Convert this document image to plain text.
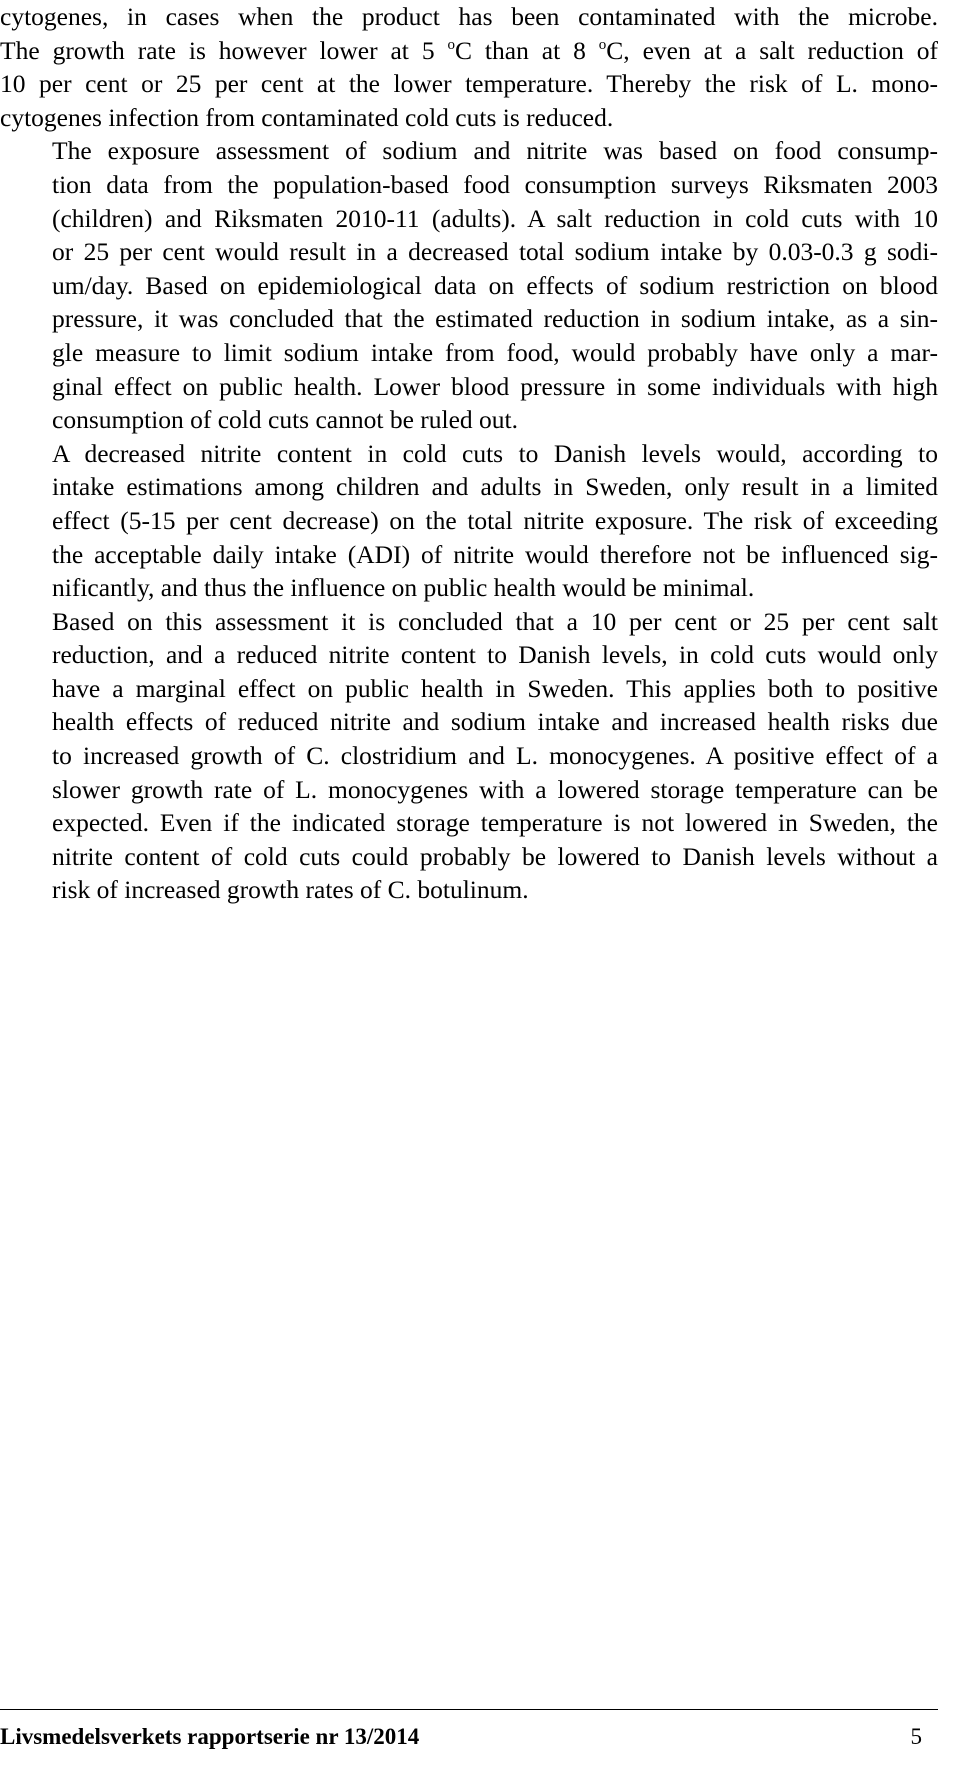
cytogenes, in cases when the product has been contaminated with the microbe.
The growth rate is however lower at 5 $^o$C than at 8 $^o$C, even at a salt reduction of
10 per cent or 25 per cent at the lower temperature. Thereby the risk of L. mono-
cytogenes infection from contaminated cold cuts is reduced.

The exposure assessment of sodium and nitrite was based on food consump-
tion data from the population-based food consumption surveys Riksmaten 2003
(children) and Riksmaten 2010-11 (adults). A salt reduction in cold cuts with 10
or 25 per cent would result in a decreased total sodium intake by 0.03-0.3 g sodi-
um/day. Based on epidemiological data on effects of sodium restriction on blood
pressure, it was concluded that the estimated reduction in sodium intake, as a sin-
gle measure to limit sodium intake from food, would probably have only a mar-
ginal effect on public health. Lower blood pressure in some individuals with high
consumption of cold cuts cannot be ruled out.

A decreased nitrite content in cold cuts to Danish levels would, according to
intake estimations among children and adults in Sweden, only result in a limited
effect (5-15 per cent decrease) on the total nitrite exposure. The risk of exceeding
the acceptable daily intake (ADI) of nitrite would therefore not be influenced sig-
nificantly, and thus the influence on public health would be minimal.

Based on this assessment it is concluded that a 10 per cent or 25 per cent salt
reduction, and a reduced nitrite content to Danish levels, in cold cuts would only
have a marginal effect on public health in Sweden. This applies both to positive
health effects of reduced nitrite and sodium intake and increased health risks due
to increased growth of C. clostridium and L. monocygenes. A positive effect of a
slower growth rate of L. monocygenes with a lowered storage temperature can be
expected. Even if the indicated storage temperature is not lowered in Sweden, the
nitrite content of cold cuts could probably be lowered to Danish levels without a
risk of increased growth rates of C. botulinum.

Livsmedelsverkets rapportserie nr 13/2014	5
